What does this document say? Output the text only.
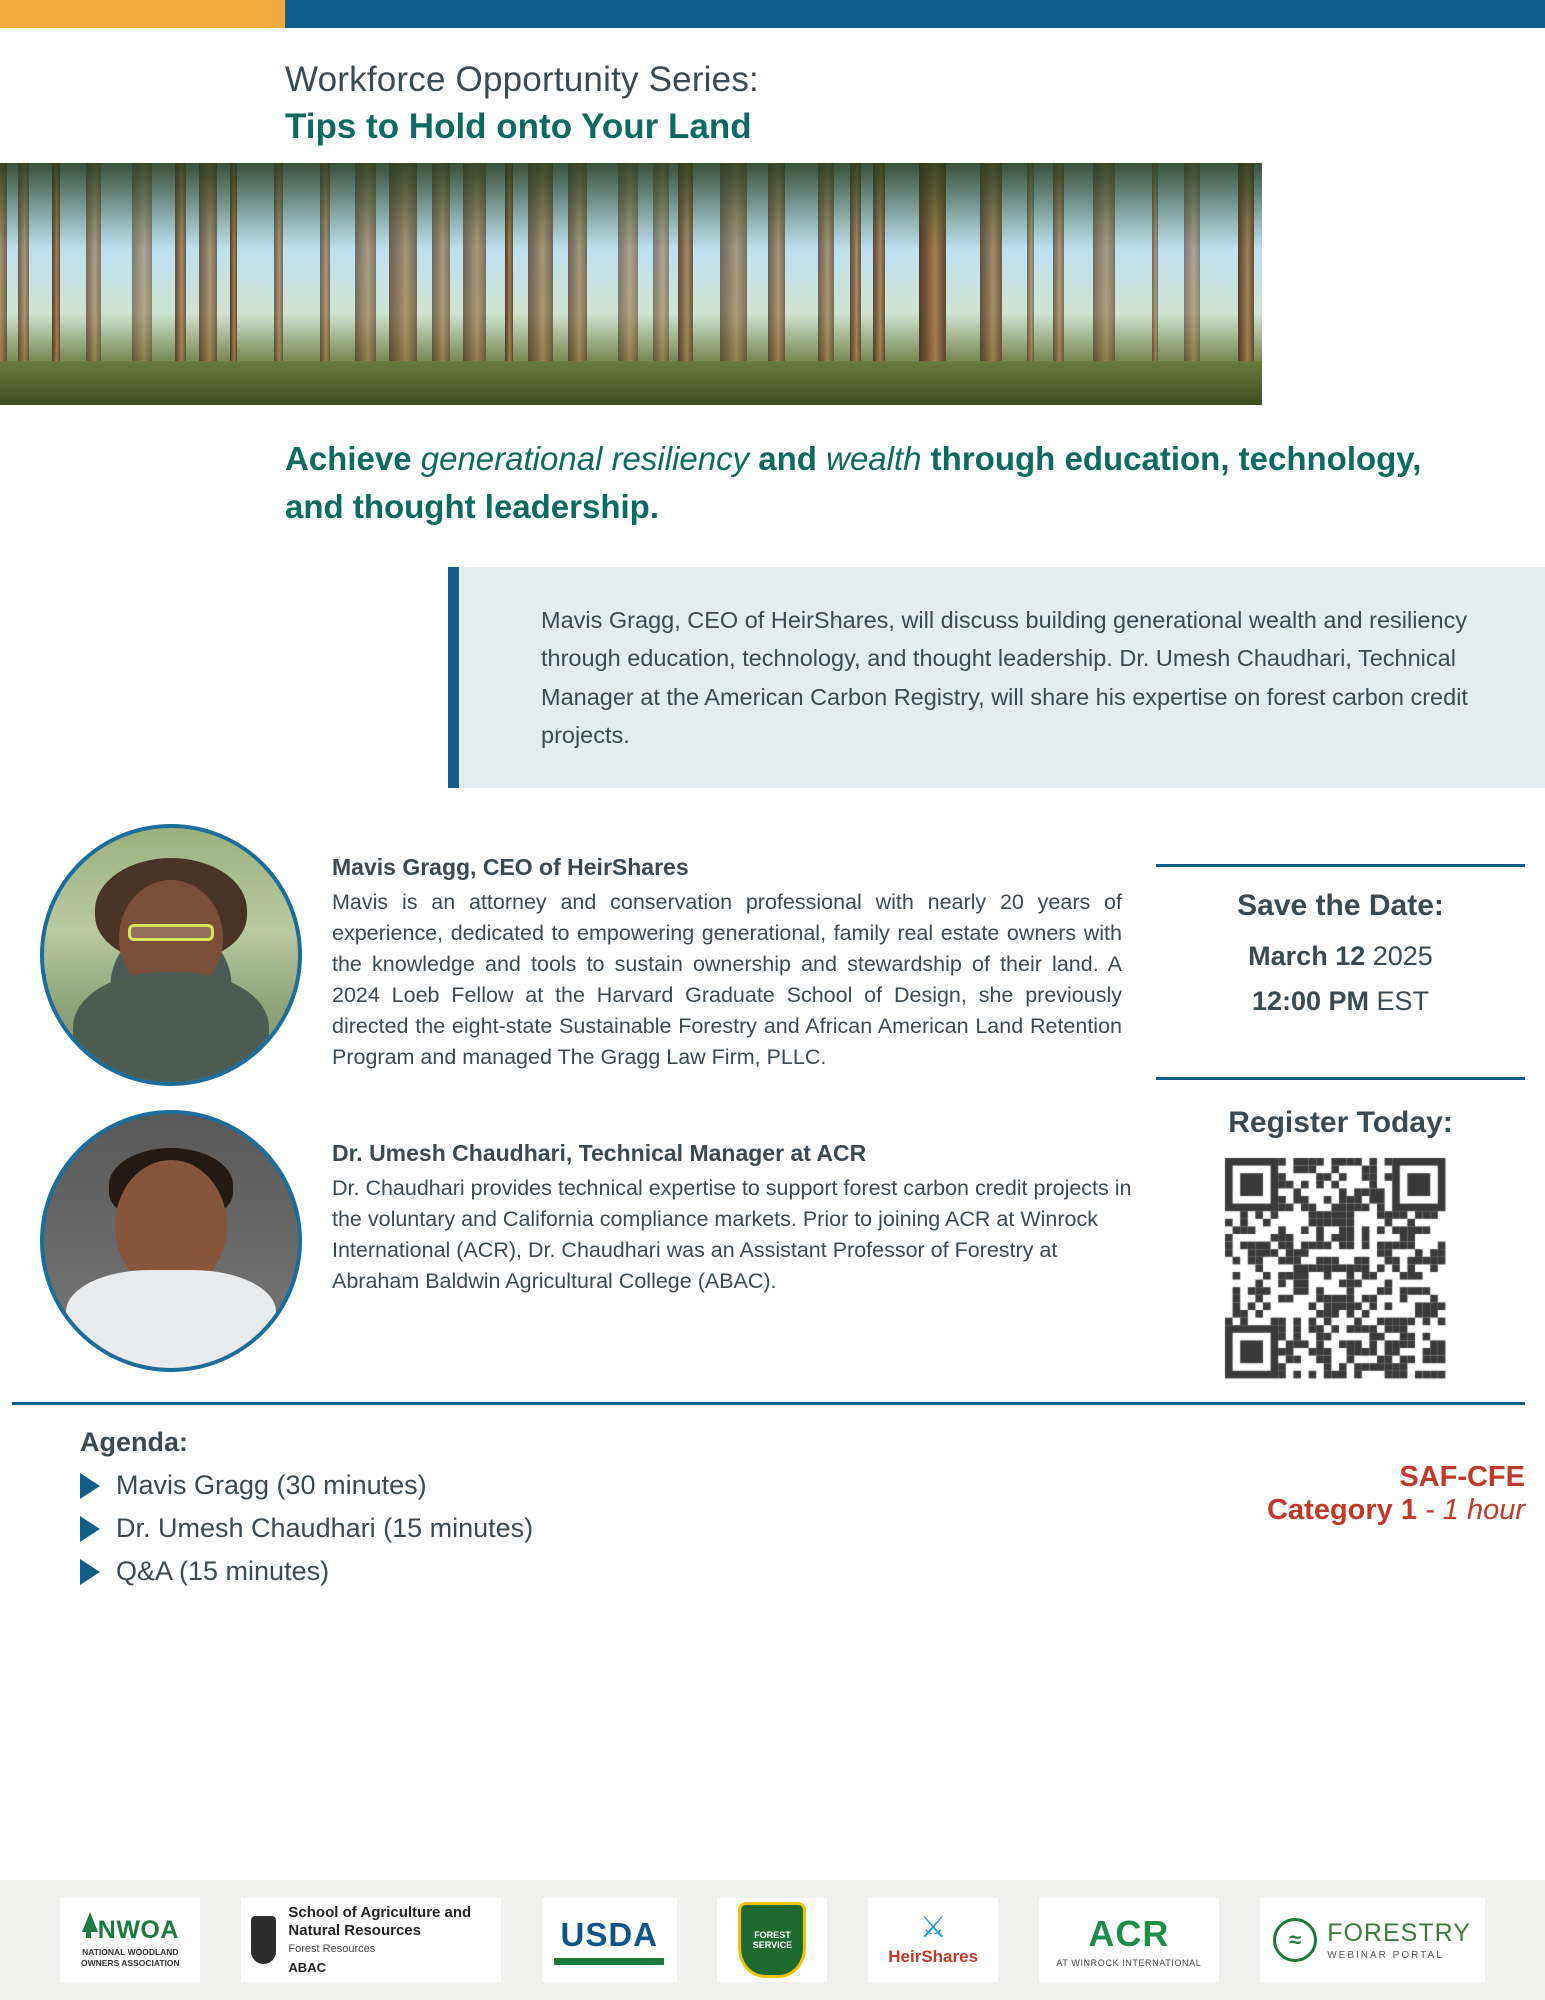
Workforce Opportunity Series:
Tips to Hold onto Your Land
Achieve generational resiliency and wealth through education, technology, and thought leadership.

Mavis Gragg, CEO of HeirShares, will discuss building generational wealth and resiliency through education, technology, and thought leadership. Dr. Umesh Chaudhari, Technical Manager at the American Carbon Registry, will share his expertise on forest carbon credit projects.

Mavis Gragg, CEO of HeirShares

Mavis is an attorney and conservation professional with nearly 20 years of experience, dedicated to empowering generational, family real estate owners with the knowledge and tools to sustain ownership and stewardship of their land. A 2024 Loeb Fellow at the Harvard Graduate School of Design, she previously directed the eight-state Sustainable Forestry and African American Land Retention Program and managed The Gragg Law Firm, PLLC.

Dr. Umesh Chaudhari, Technical Manager at ACR

Dr. Chaudhari provides technical expertise to support forest carbon credit projects in the voluntary and California compliance markets. Prior to joining ACR at Winrock International (ACR), Dr. Chaudhari was an Assistant Professor of Forestry at Abraham Baldwin Agricultural College (ABAC).

Save the Date:
March 12 2025
12:00 PM EST
Register Today:
Agenda:
Mavis Gragg (30 minutes)
Dr. Umesh Chaudhari (15 minutes)
Q&A (15 minutes)
SAF-CFE
Category 1 - 1 hour
NWOA
NATIONAL WOODLAND OWNERS ASSOCIATION
School of Agriculture and Natural Resources
Forest Resources
ABAC
USDA	FOREST SERVICE
⚔
HeirShares
ACR
AT WINROCK INTERNATIONAL
≈	FORESTRY
WEBINAR PORTAL
